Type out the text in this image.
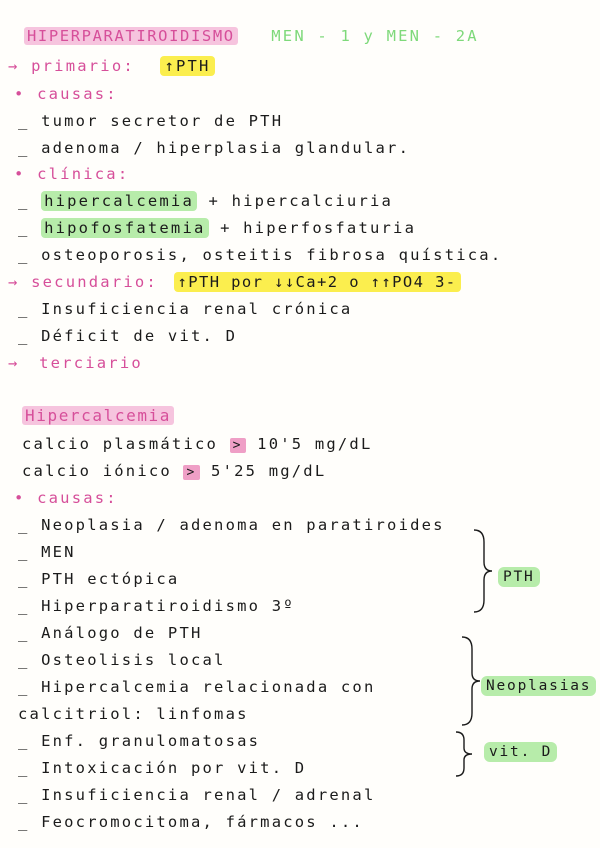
HIPERPARATIROIDISMO MEN - 1 y MEN - 2A
→ primario: ↑PTH
• causas:
_ tumor secretor de PTH
_ adenoma / hiperplasia glandular.
• clínica:
_ hipercalcemia + hipercalciuria
_ hipofosfatemia + hiperfosfaturia
_ osteoporosis, osteitis fibrosa quística.
→ secundario: ↑PTH por ↓↓Ca+2 o ↑↑PO4 3-
_ Insuficiencia renal crónica
_ Déficit de vit. D
→ terciario
Hipercalcemia
calcio plasmático > 10'5 mg/dL
calcio iónico > 5'25 mg/dL
• causas:
_ Neoplasia / adenoma en paratiroides
_ MEN
_ PTH ectópica
_ Hiperparatiroidismo 3º
_ Análogo de PTH
_ Osteolisis local
_ Hipercalcemia relacionada con
calcitriol: linfomas
_ Enf. granulomatosas
_ Intoxicación por vit. D
_ Insuficiencia renal / adrenal
_ Feocromocitoma, fármacos ...
PTH
Neoplasias
vit. D
